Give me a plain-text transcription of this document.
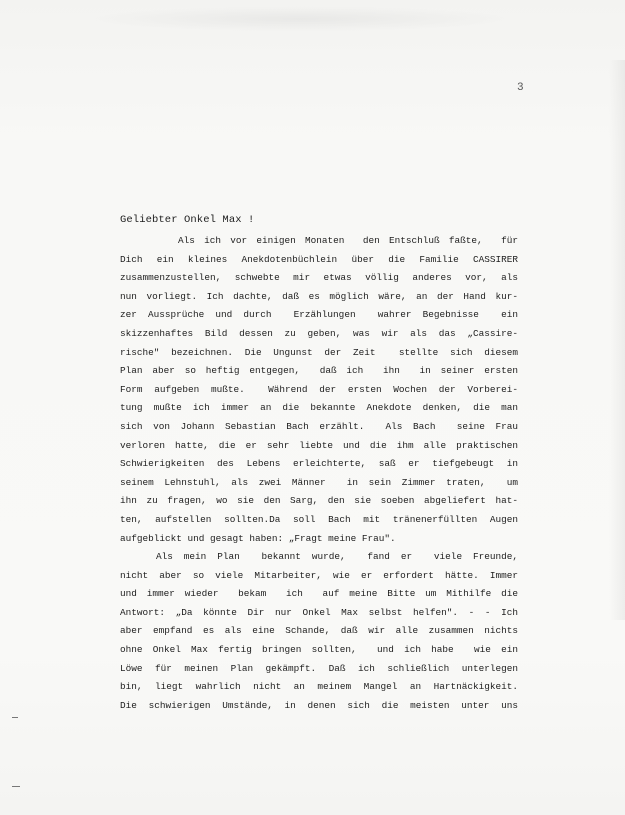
3
Geliebter Onkel Max !
Als ich vor einigen Monaten  den Entschluß faßte,  für
Dich ein kleines Anekdotenbüchlein über die Familie CASSIRER
zusammenzustellen, schwebte mir etwas völlig anderes vor, als
nun vorliegt. Ich dachte, daß es möglich wäre, an der Hand kur-
zer Aussprüche und durch  Erzählungen  wahrer Begebnisse  ein
skizzenhaftes Bild dessen zu geben, was wir als das „Cassire-
rische" bezeichnen. Die Ungunst der Zeit  stellte sich diesem
Plan aber so heftig entgegen,  daß ich  ihn  in seiner ersten
Form aufgeben mußte.  Während der ersten Wochen der Vorberei-
tung mußte ich immer an die bekannte Anekdote denken, die man
sich von Johann Sebastian Bach erzählt.  Als Bach  seine Frau
verloren hatte, die er sehr liebte und die ihm alle praktischen
Schwierigkeiten des Lebens erleichterte, saß er tiefgebeugt in
seinem Lehnstuhl, als zwei Männer  in sein Zimmer traten,  um
ihn zu fragen, wo sie den Sarg, den sie soeben abgeliefert hat-
ten, aufstellen sollten.Da soll Bach mit tränenerfüllten Augen
aufgeblickt und gesagt haben: „Fragt meine Frau".
Als mein Plan  bekannt wurde,  fand er  viele Freunde,
nicht aber so viele Mitarbeiter, wie er erfordert hätte. Immer
und immer wieder  bekam  ich  auf meine Bitte um Mithilfe die
Antwort: „Da könnte Dir nur Onkel Max selbst helfen". - - Ich
aber empfand es als eine Schande, daß wir alle zusammen nichts
ohne Onkel Max fertig bringen sollten,  und ich habe  wie ein
Löwe für meinen Plan gekämpft. Daß ich schließlich unterlegen
bin, liegt wahrlich nicht an meinem Mangel an Hartnäckigkeit.
Die schwierigen Umstände, in denen sich die meisten unter uns
